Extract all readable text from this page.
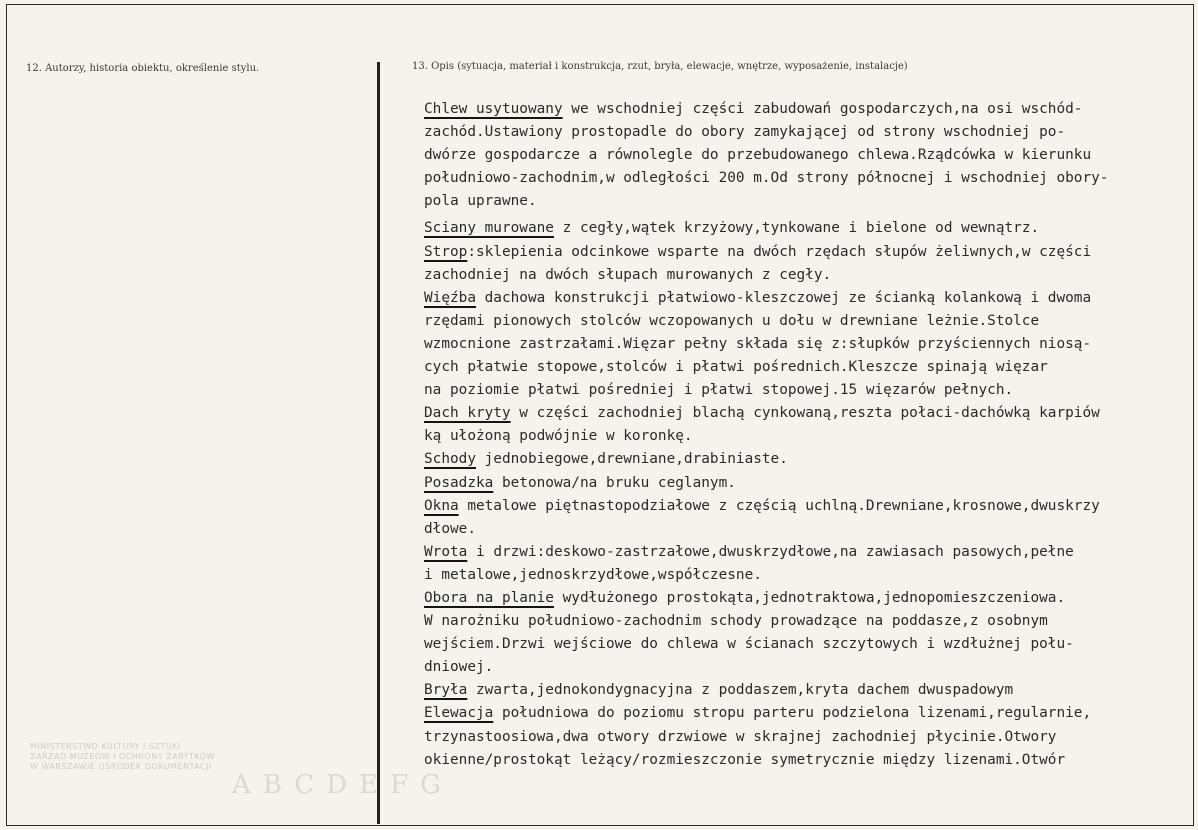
12. Autorzy, historia obiektu, określenie stylu.	13. Opis (sytuacja, materiał i konstrukcja, rzut, bryła, elewacje, wnętrze, wyposażenie, instalacje)
MINISTERSTWO KULTURY I SZTUKI ZARZĄD MUZEÓW I OCHRONY ZABYTKÓW W WARSZAWIE OŚRODEK DOKUMENTACJI
ABCDEFG
Chlew usytuowany we wschodniej części zabudowań gospodarczych,na osi wschód-
zachód.Ustawiony prostopadle do obory zamykającej od strony wschodniej po-
dwórze gospodarcze a równolegle do przebudowanego chlewa.Rządcówka w kierunku
południowo-zachodnim,w odległości 200 m.Od strony północnej i wschodniej obory-
pola uprawne.
Sciany murowane z cegły,wątek krzyżowy,tynkowane i bielone od wewnątrz.
Strop:sklepienia odcinkowe wsparte na dwóch rzędach słupów żeliwnych,w części
zachodniej na dwóch słupach murowanych z cegły.
Więźba dachowa konstrukcji płatwiowo-kleszczowej ze ścianką kolankową i dwoma
rzędami pionowych stolców wczopowanych u dołu w drewniane leżnie.Stolce
wzmocnione zastrzałami.Więzar pełny składa się z:słupków przyściennych niosą-
cych płatwie stopowe,stolców i płatwi pośrednich.Kleszcze spinają więzar
na poziomie płatwi pośredniej i płatwi stopowej.15 więzarów pełnych.
Dach kryty w części zachodniej blachą cynkowaną,reszta połaci-dachówką karpiów
ką ułożoną podwójnie w koronkę.
Schody jednobiegowe,drewniane,drabiniaste.
Posadzka betonowa/na bruku ceglanym.
Okna metalowe piętnastopodziałowe z częścią uchlną.Drewniane,krosnowe,dwuskrzy
dłowe.
Wrota i drzwi:deskowo-zastrzałowe,dwuskrzydłowe,na zawiasach pasowych,pełne
i metalowe,jednoskrzydłowe,współczesne.
Obora na planie wydłużonego prostokąta,jednotraktowa,jednopomieszczeniowa.
W narożniku południowo-zachodnim schody prowadzące na poddasze,z osobnym
wejściem.Drzwi wejściowe do chlewa w ścianach szczytowych i wzdłużnej połu-
dniowej.
Bryła zwarta,jednokondygnacyjna z poddaszem,kryta dachem dwuspadowym
Elewacja południowa do poziomu stropu parteru podzielona lizenami,regularnie,
trzynastoosiowa,dwa otwory drzwiowe w skrajnej zachodniej płycinie.Otwory
okienne/prostokąt leżący/rozmieszczonie symetrycznie między lizenami.Otwór
